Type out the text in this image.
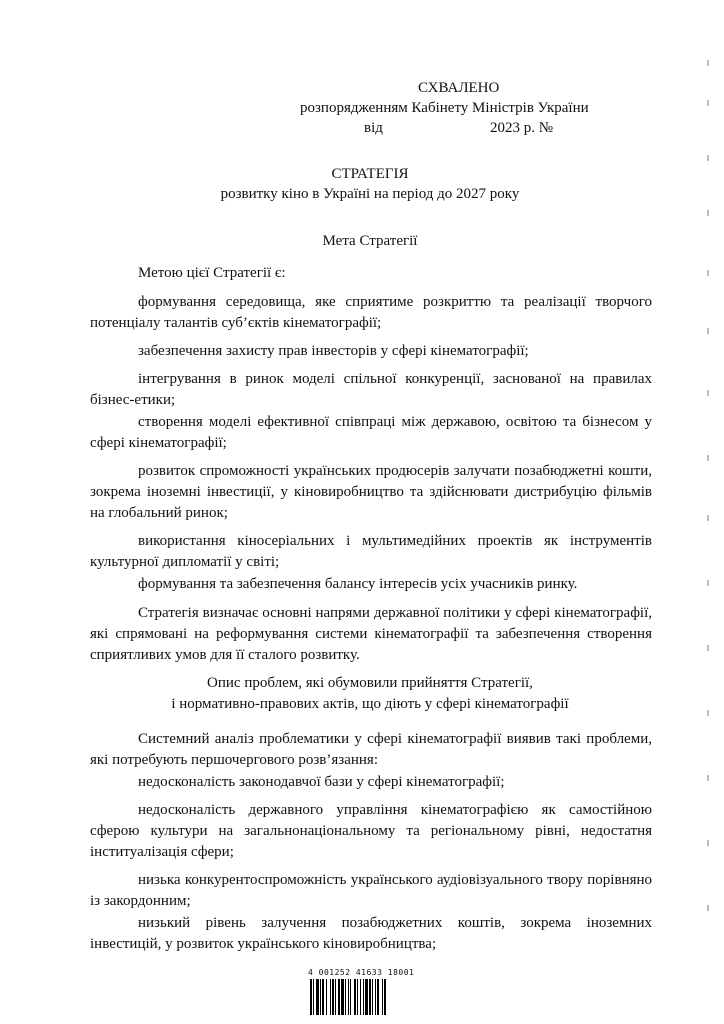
СХВАЛЕНО
розпорядженням Кабінету Міністрів України
від	2023 р. №
СТРАТЕГІЯ
розвитку кіно в Україні на період до 2027 року
Мета Стратегії
Метою цієї Стратегії є:
формування середовища, яке сприятиме розкриттю та реалізації творчого потенціалу талантів суб’єктів кінематографії;
забезпечення захисту прав інвесторів у сфері кінематографії;
інтегрування в ринок моделі спільної конкуренції, заснованої на правилах бізнес-етики;
створення моделі ефективної співпраці між державою, освітою та бізнесом у сфері кінематографії;
розвиток спроможності українських продюсерів залучати позабюджетні кошти, зокрема іноземні інвестиції, у кіновиробництво та здійснювати дистрибуцію фільмів на глобальний ринок;
використання кіносеріальних і мультимедійних проектів як інструментів культурної дипломатії у світі;
формування та забезпечення балансу інтересів усіх учасників ринку.
Стратегія визначає основні напрями державної політики у сфері кінематографії, які спрямовані на реформування системи кінематографії та забезпечення створення сприятливих умов для її сталого розвитку.
Опис проблем, які обумовили прийняття Стратегії,
і нормативно-правових актів, що діють у сфері кінематографії
Системний аналіз проблематики у сфері кінематографії виявив такі проблеми, які потребують першочергового розв’язання:
недосконалість законодавчої бази у сфері кінематографії;
недосконалість державного управління кінематографією як самостійною сферою культури на загальнонаціональному та регіональному рівні, недостатня інституалізація сфери;
низька конкурентоспроможність українського аудіовізуального твору порівняно із закордонним;
низький рівень залучення позабюджетних коштів, зокрема іноземних інвестицій, у розвиток українського кіновиробництва;
4 001252 41633 18001
